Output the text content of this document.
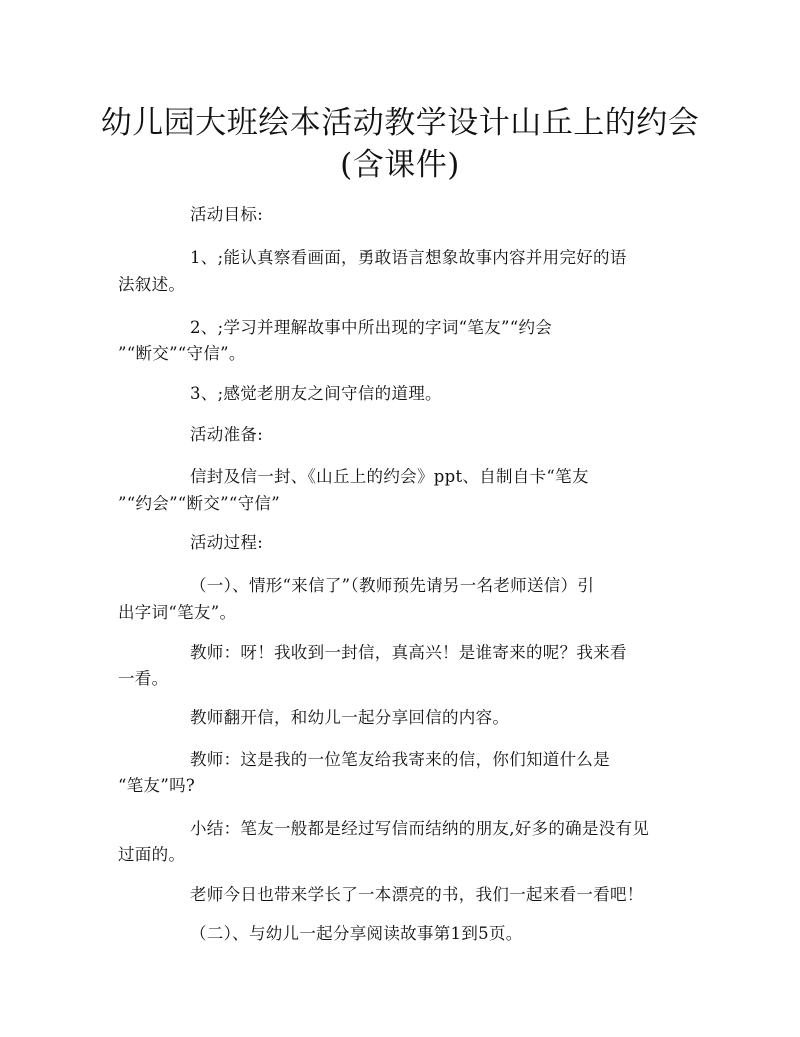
幼儿园大班绘本活动教学设计山丘上的约会
(含课件)
活动目标:
1、;能认真察看画面，勇敢语言想象故事内容并用完好的语
法叙述。
2、;学习并理解故事中所出现的字词“笔友”“约会
”“断交”“守信”。
3、;感觉老朋友之间守信的道理。
活动准备:
信封及信一封、《山丘上的约会》ppt、自制自卡“笔友
”“约会”“断交”“守信”
活动过程:
（一）、情形“来信了”（教师预先请另一名老师送信）引
出字词“笔友”。
教师：呀！我收到一封信，真高兴！是谁寄来的呢？我来看
一看。
教师翻开信，和幼儿一起分享回信的内容。
教师：这是我的一位笔友给我寄来的信，你们知道什么是
“笔友”吗?
小结：笔友一般都是经过写信而结纳的朋友,好多的确是没有见
过面的。
老师今日也带来学长了一本漂亮的书，我们一起来看一看吧！
（二）、与幼儿一起分享阅读故事第1到5页。
